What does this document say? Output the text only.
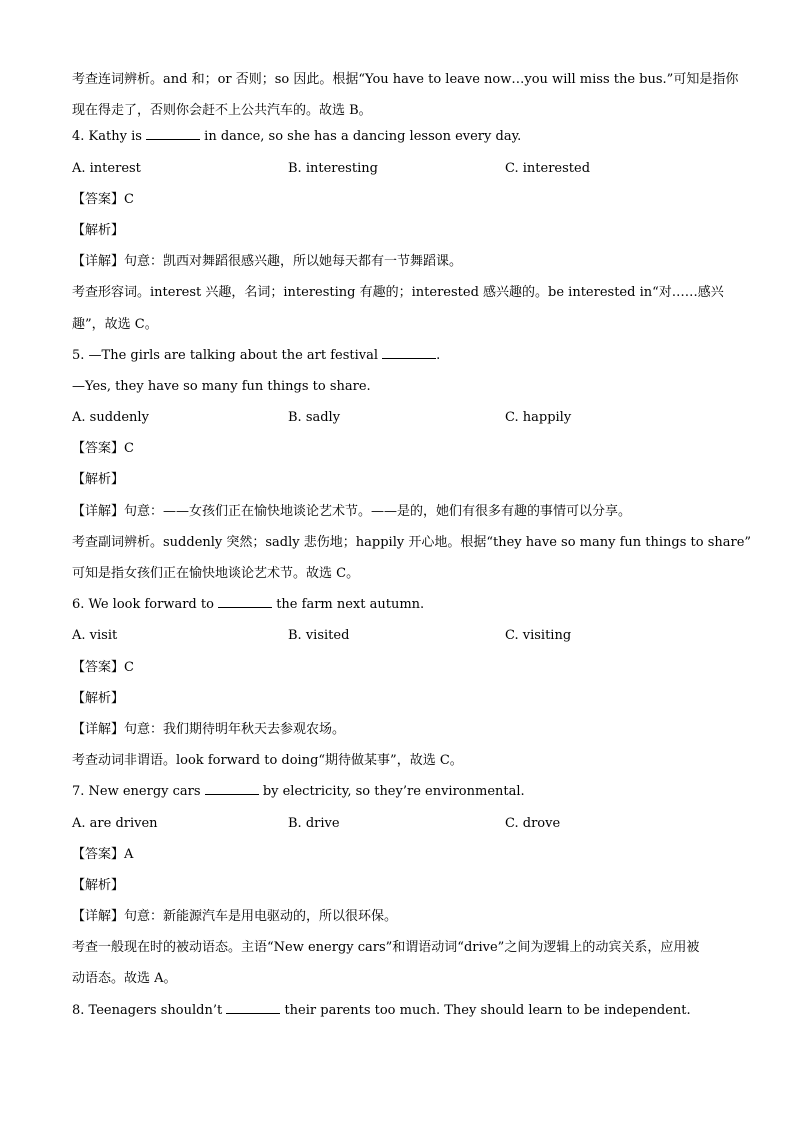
考查连词辨析。and 和；or 否则；so 因此。根据“You have to leave now…you will miss the bus.”可知是指你
现在得走了，否则你会赶不上公共汽车的。故选 B。
4. Kathy is	in dance, so she has a dancing lesson every day.
A. interest	B. interesting	C. interested
【答案】C
【解析】
【详解】句意：凯西对舞蹈很感兴趣，所以她每天都有一节舞蹈课。
考查形容词。interest 兴趣，名词；interesting 有趣的；interested 感兴趣的。be interested in“对……感兴
趣”，故选 C。
5. —The girls are talking about the art festival	.
—Yes, they have so many fun things to share.
A. suddenly	B. sadly	C. happily
【答案】C
【解析】
【详解】句意：——女孩们正在愉快地谈论艺术节。——是的，她们有很多有趣的事情可以分享。
考查副词辨析。suddenly 突然；sadly 悲伤地；happily 开心地。根据“they have so many fun things to share”
可知是指女孩们正在愉快地谈论艺术节。故选 C。
6. We look forward to	the farm next autumn.
A. visit	B. visited	C. visiting
【答案】C
【解析】
【详解】句意：我们期待明年秋天去参观农场。
考查动词非谓语。look forward to doing“期待做某事”，故选 C。
7. New energy cars	by electricity, so they’re environmental.
A. are driven	B. drive	C. drove
【答案】A
【解析】
【详解】句意：新能源汽车是用电驱动的，所以很环保。
考查一般现在时的被动语态。主语“New energy cars”和谓语动词“drive”之间为逻辑上的动宾关系，应用被
动语态。故选 A。
8. Teenagers shouldn’t	their parents too much. They should learn to be independent.
